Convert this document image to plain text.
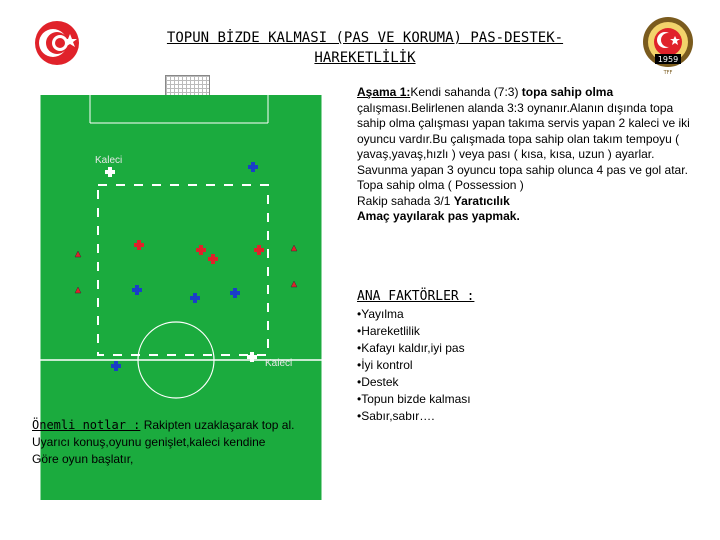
1959
TFF
TOPUN BİZDE KALMASI (PAS VE KORUMA) PAS-DESTEK-
HAREKETLİLİK
Kaleci
Kaleci
Aşama 1:Kendi sahanda (7:3) topa sahip olma çalışması.Belirlenen alanda 3:3 oynanır.Alanın dışında topa sahip olma çalışması yapan takıma servis yapan 2 kaleci ve iki oyuncu vardır.Bu çalışmada topa sahip olan takım tempoyu ( yavaş,yavaş,hızlı ) veya pası ( kısa, kısa, uzun ) ayarlar. Savunma yapan 3 oyuncu topa sahip olunca 4 pas ve gol atar.
Topa sahip olma ( Possession )
Rakip sahada 3/1 Yaratıcılık
Amaç yayılarak pas yapmak.
ANA FAKTÖRLER :
•Yayılma
•Hareketlilik
•Kafayı kaldır,iyi pas
•İyi kontrol
•Destek
•Topun bizde kalması
•Sabır,sabır….
Önemli notlar : Rakipten uzaklaşarak top al.
Uyarıcı konuş,oyunu genişlet,kaleci kendine
Göre oyun başlatır,
